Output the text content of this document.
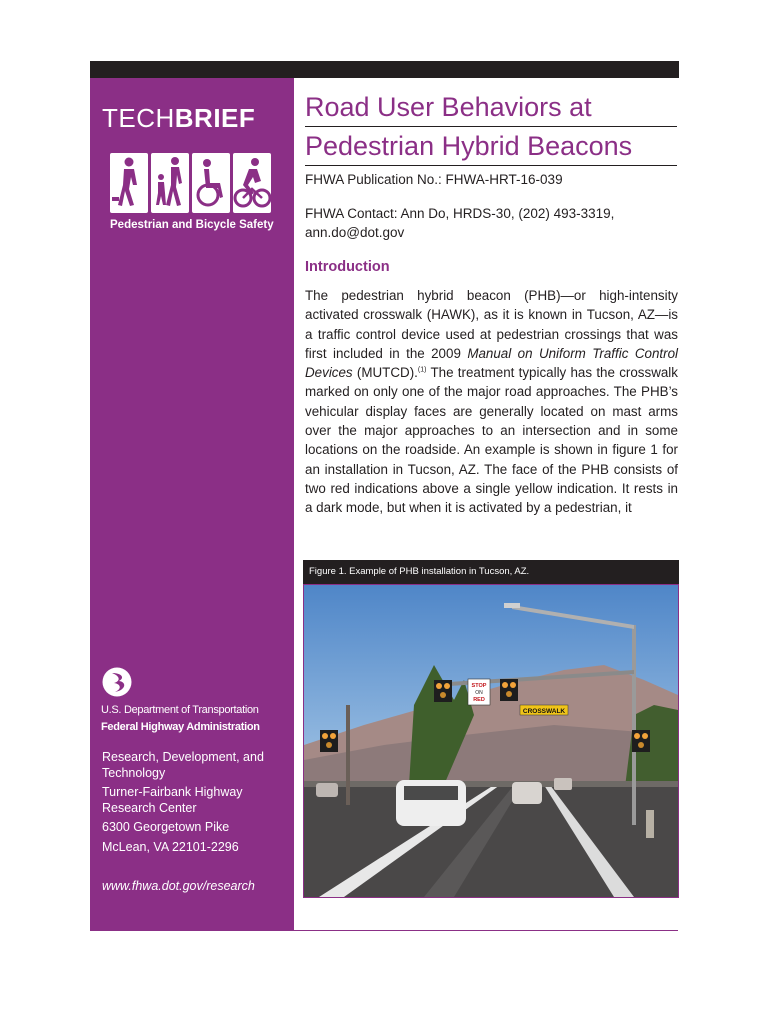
TECHBRIEF
Pedestrian and Bicycle Safety
U.S. Department of Transportation
Federal Highway Administration
Research, Development, and Technology
Turner-Fairbank Highway Research Center
6300 Georgetown Pike
McLean, VA 22101-2296
www.fhwa.dot.gov/research
Road User Behaviors at
Pedestrian Hybrid Beacons
FHWA Publication No.: FHWA-HRT-16-039
FHWA Contact: Ann Do, HRDS-30, (202) 493-3319, ann.do@dot.gov
Introduction
The pedestrian hybrid beacon (PHB)—or high-intensity activated crosswalk (HAWK), as it is known in Tucson, AZ—is a traffic control device used at pedestrian crossings that was first included in the 2009 Manual on Uniform Traffic Control Devices (MUTCD).$^{(1)}$ The treatment typically has the crosswalk marked on only one of the major road approaches. The PHB’s vehicular display faces are generally located on mast arms over the major approaches to an intersection and in some locations on the roadside. An example is shown in figure 1 for an installation in Tucson, AZ. The face of the PHB consists of two red indications above a single yellow indication. It rests in a dark mode, but when it is activated by a pedestrian, it
Figure 1. Example of PHB installation in Tucson, AZ.
STOP
ON
RED
CROSSWALK
